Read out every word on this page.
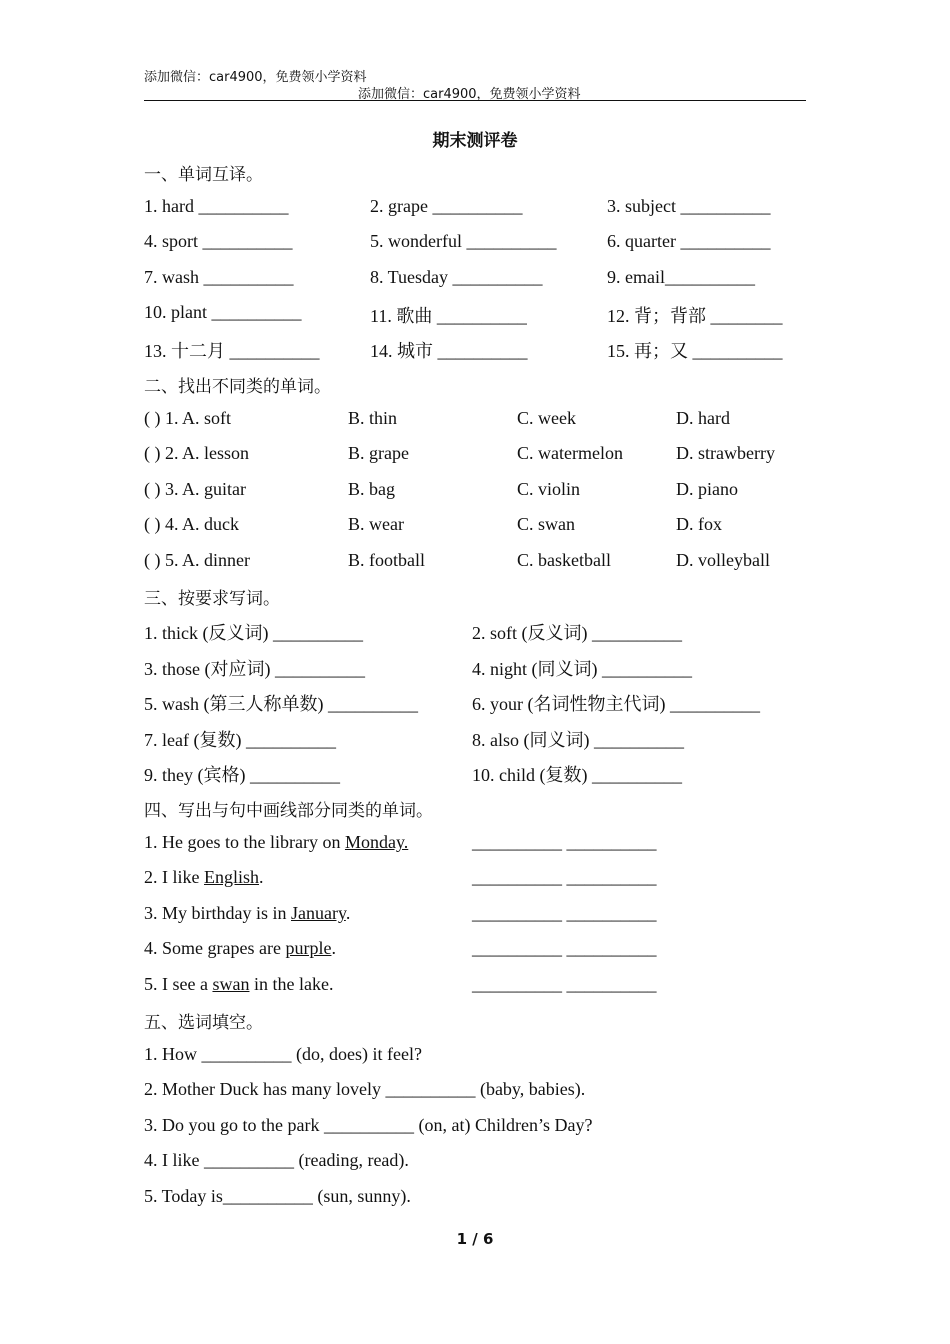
添加微信：car4900，免费领小学资料
添加微信：car4900，免费领小学资料
期末测评卷
一、单词互译。
1. hard __________	2. grape __________	3. subject __________
4. sport __________	5. wonderful __________	6. quarter __________
7. wash __________	8. Tuesday __________	9. email__________
10. plant __________	11. 歌曲 __________	12. 背；背部 ________
13. 十二月 __________	14. 城市 __________	15. 再；又 __________
二、找出不同类的单词。
( ) 1. A. soft	B. thin	C. week	D. hard
( ) 2. A. lesson	B. grape	C. watermelon	D. strawberry
( ) 3. A. guitar	B. bag	C. violin	D. piano
( ) 4. A. duck	B. wear	C. swan	D. fox
( ) 5. A. dinner	B. football	C. basketball	D. volleyball
三、按要求写词。
1. thick (反义词) __________	2. soft (反义词) __________
3. those (对应词) __________	4. night (同义词) __________
5. wash (第三人称单数) __________	6. your (名词性物主代词) __________
7. leaf (复数) __________	8. also (同义词) __________
9. they (宾格) __________	10. child (复数) __________
四、写出与句中画线部分同类的单词。
1. He goes to the library on Monday.	__________ __________
2. I like English.	__________ __________
3. My birthday is in January.	__________ __________
4. Some grapes are purple.	__________ __________
5. I see a swan in the lake.	__________ __________
五、选词填空。
1. How __________ (do, does) it feel?
2. Mother Duck has many lovely __________ (baby, babies).
3. Do you go to the park __________ (on, at) Children’s Day?
4. I like __________ (reading, read).
5. Today is__________ (sun, sunny).
1 / 6
